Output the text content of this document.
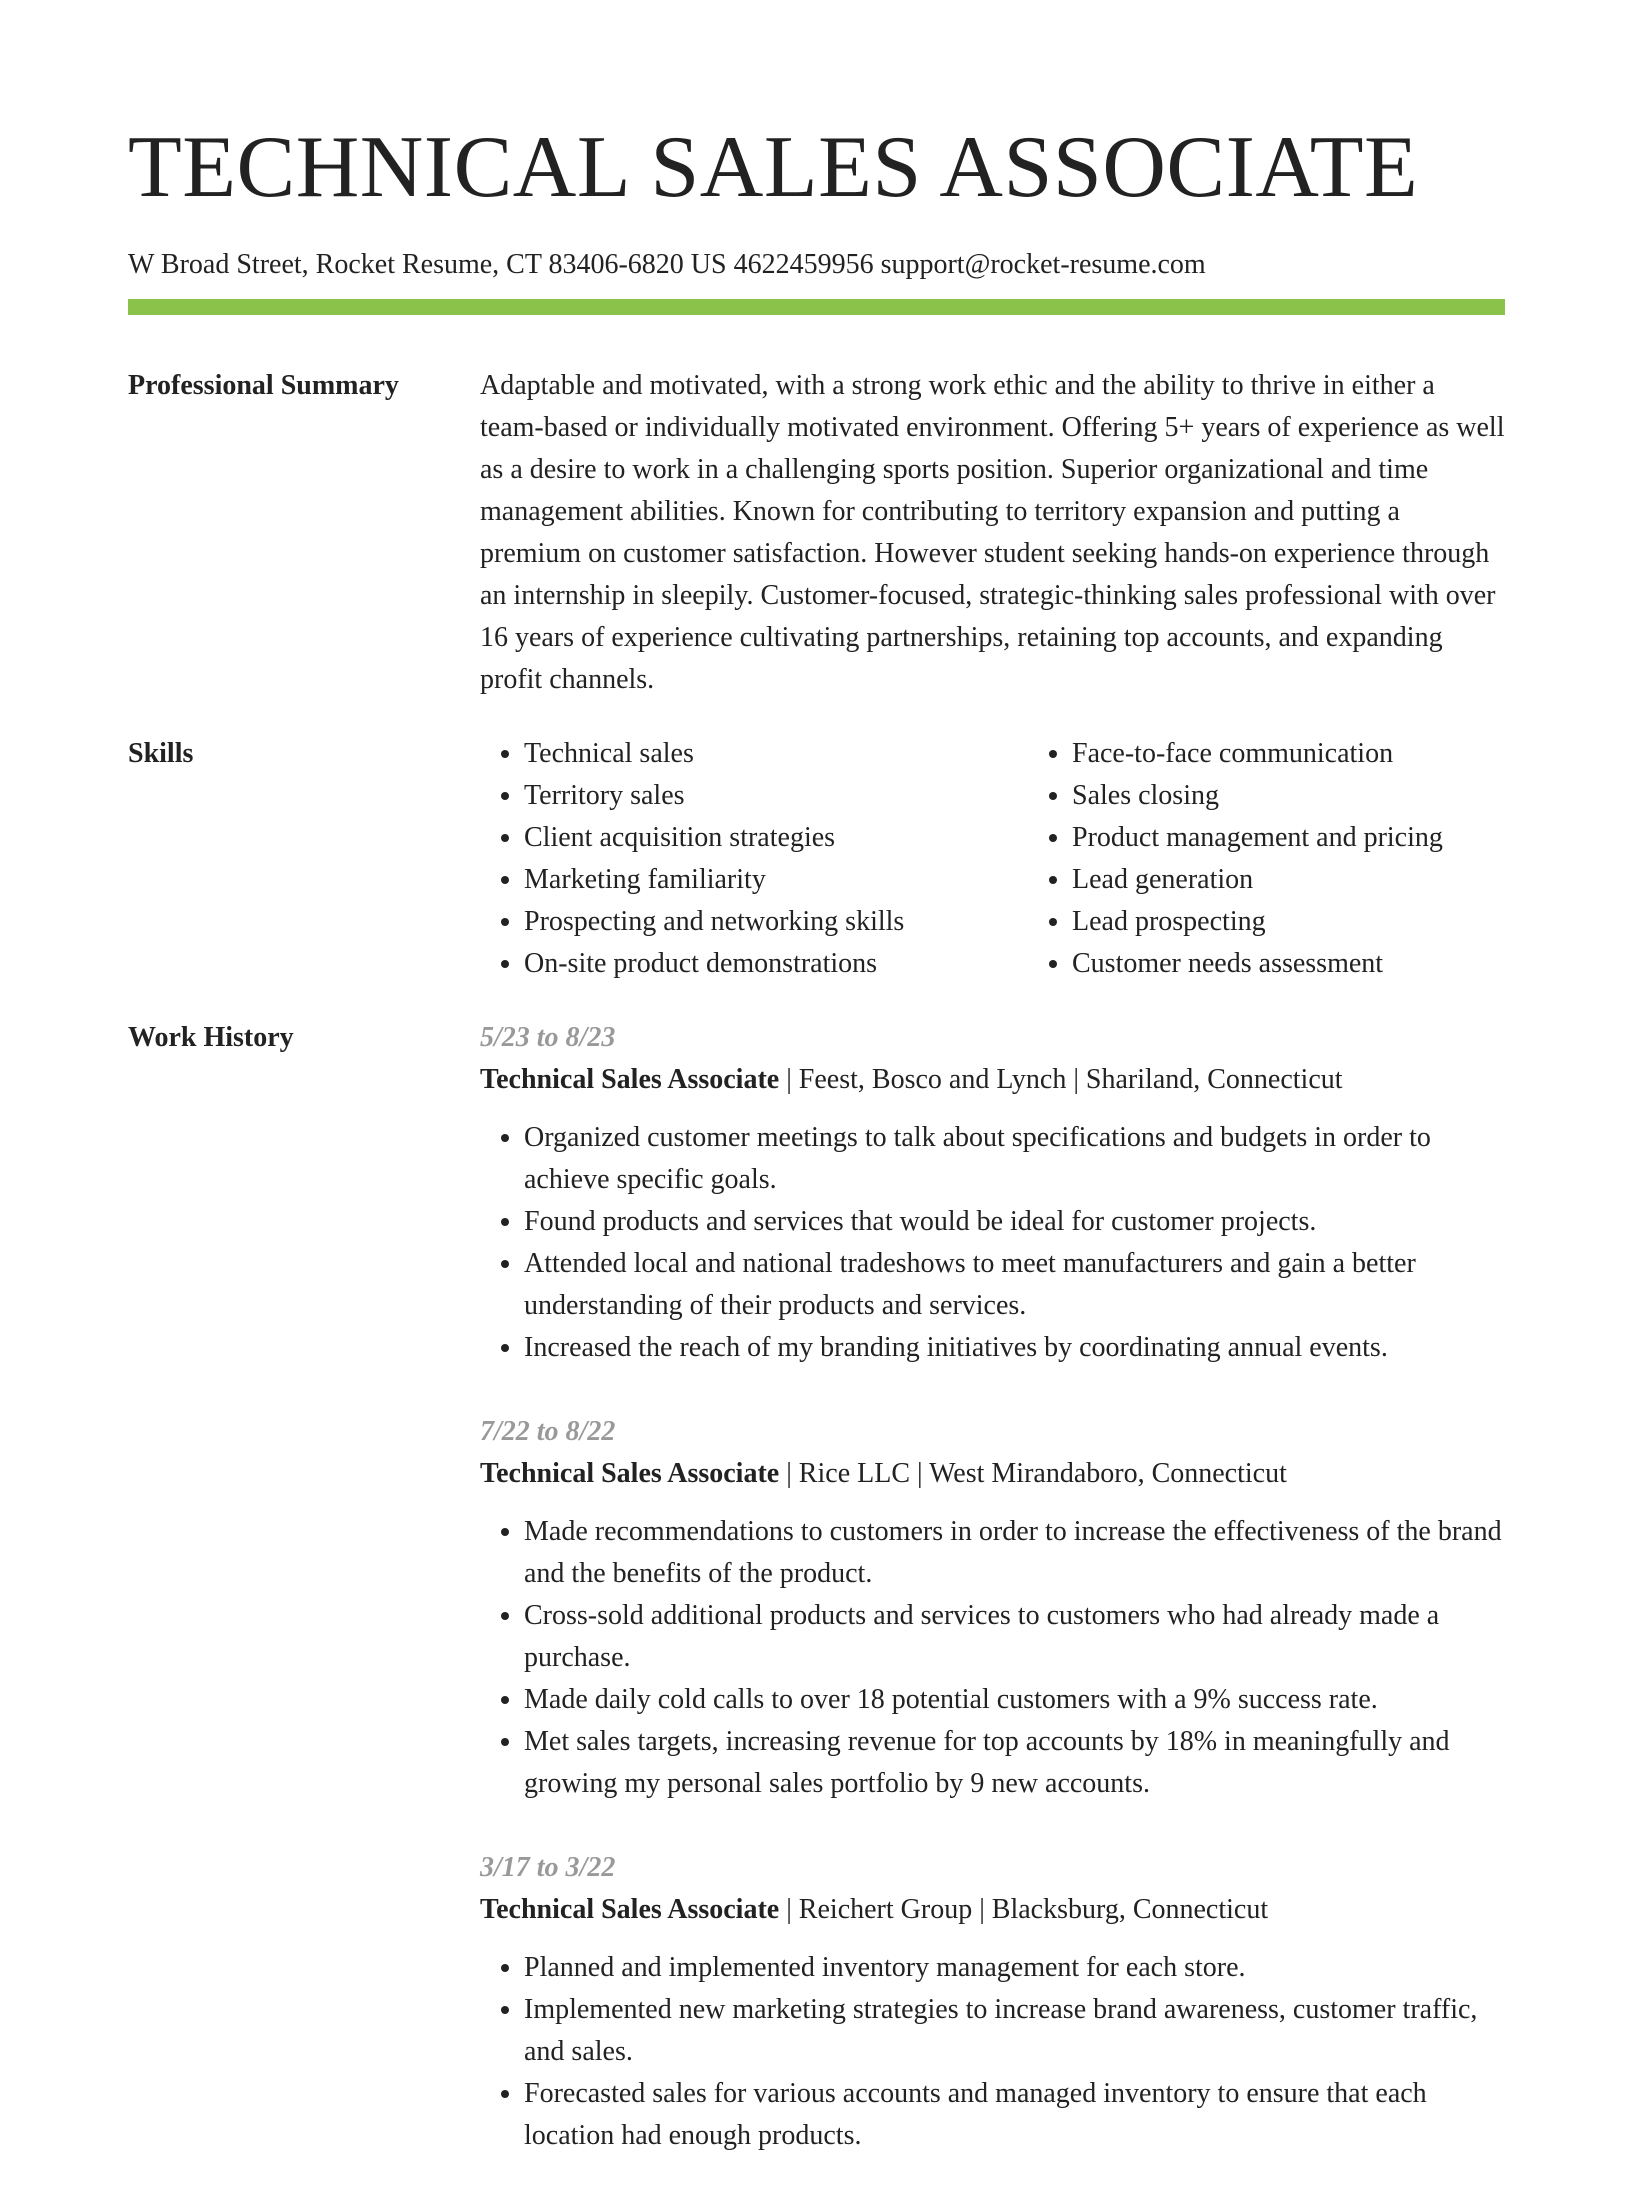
TECHNICAL SALES ASSOCIATE
W Broad Street, Rocket Resume, CT 83406-6820 US 4622459956 support@rocket-resume.com
Professional Summary	Adaptable and motivated, with a strong work ethic and the ability to thrive in either a team-based or individually motivated environment. Offering 5+ years of experience as well as a desire to work in a challenging sports position. Superior organizational and time management abilities. Known for contributing to territory expansion and putting a premium on customer satisfaction. However student seeking hands-on experience through an internship in sleepily. Customer-focused, strategic-thinking sales professional with over 16 years of experience cultivating partnerships, retaining top accounts, and expanding profit channels.

Skills
•	Technical sales
• Territory sales
• Client acquisition strategies
• Marketing familiarity
• Prospecting and networking skills
• On-site product demonstrations
• Face-to-face communication
• Sales closing
• Product management and pricing
• Lead generation
• Lead prospecting
• Customer needs assessment
Work History	5/23 to 8/23
Technical Sales Associate | Feest, Bosco and Lynch | Shariland, Connecticut
• Organized customer meetings to talk about specifications and budgets in order to achieve specific goals.
• Found products and services that would be ideal for customer projects.
• Attended local and national tradeshows to meet manufacturers and gain a better understanding of their products and services.
• Increased the reach of my branding initiatives by coordinating annual events.
7/22 to 8/22
Technical Sales Associate | Rice LLC | West Mirandaboro, Connecticut
• Made recommendations to customers in order to increase the effectiveness of the brand and the benefits of the product.
• Cross-sold additional products and services to customers who had already made a purchase.
• Made daily cold calls to over 18 potential customers with a 9% success rate.
• Met sales targets, increasing revenue for top accounts by 18% in meaningfully and growing my personal sales portfolio by 9 new accounts.
3/17 to 3/22
Technical Sales Associate | Reichert Group | Blacksburg, Connecticut
• Planned and implemented inventory management for each store.
• Implemented new marketing strategies to increase brand awareness, customer traffic, and sales.
• Forecasted sales for various accounts and managed inventory to ensure that each location had enough products.
